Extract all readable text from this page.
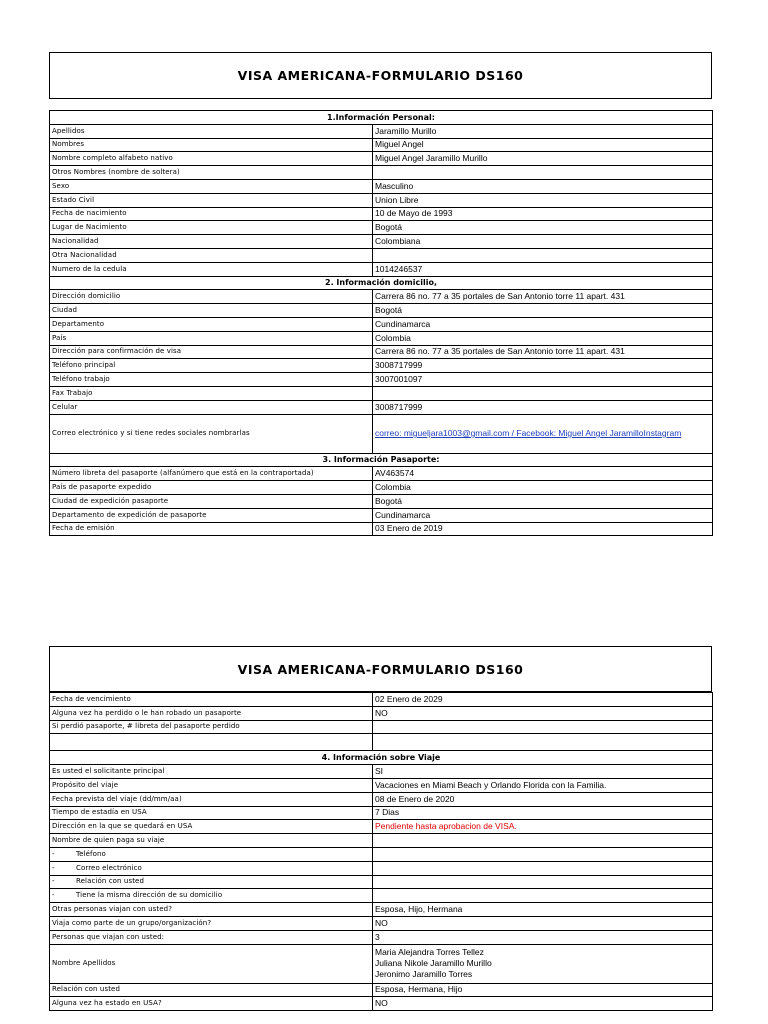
VISA AMERICANA-FORMULARIO DS160
1.Información Personal:	
Apellidos	Jaramillo Murillo
Nombres	Miguel Angel
Nombre completo alfabeto nativo	Miguel Angel Jaramillo Murillo
Otros Nombres (nombre de soltera)	
Sexo	Masculino
Estado Civil	Union Libre
Fecha de nacimiento	10 de Mayo de 1993
Lugar de Nacimiento	Bogotá
Nacionalidad	Colombiana
Otra Nacionalidad	
Numero de la cedula	1014246537
2. Información domicilio,	
Dirección domicilio	Carrera 86 no. 77 a 35 portales de San Antonio torre 11 apart. 431
Ciudad	Bogotá
Departamento	Cundinamarca
País	Colombia
Dirección para confirmación de visa	Carrera 86 no. 77 a 35 portales de San Antonio torre 11 apart. 431
Teléfono principal	3008717999
Teléfono trabajo	3007001097
Fax Trabajo	
Celular	3008717999
Correo electrónico y si tiene redes sociales nombrarlas	correo: migueljara1003@gmail.com / Facebook: Miguel Angel JaramilloInstagram
3. Información Pasaporte:	
Número libreta del pasaporte (alfanúmero que está en la contraportada)	AV463574
País de pasaporte expedido	Colombia
Ciudad de expedición pasaporte	Bogotá
Departamento de expedición de pasaporte	Cundinamarca
Fecha de emisión	03 Enero de 2019
VISA AMERICANA-FORMULARIO DS160
Fecha de vencimiento	02 Enero de 2029
Alguna vez ha perdido o le han robado un pasaporte	NO
Si perdió pasaporte, # libreta del pasaporte perdido	

4. Información sobre Viaje	
Es usted el solicitante principal	SI
Propósito del viaje	Vacaciones en Miami Beach y Orlando Florida con la Familia.
Fecha prevista del viaje (dd/mm/aa)	08 de Enero de 2020
Tiempo de estadía en USA	7 Dias
Dirección en la que se quedará en USA	Pendiente hasta aprobacion de VISA.
Nombre de quien paga su viaje	
- Teléfono	
- Correo electrónico	
- Relación con usted	
- Tiene la misma dirección de su domicilio	
Otras personas viajan con usted?	Esposa, Hijo, Hermana
Viaja como parte de un grupo/organización?	NO
Personas que viajan con usted:	3
Nombre Apellidos	Maria Alejandra Torres Tellez
Juliana Nikole Jaramillo Murillo
Jeronimo Jaramillo Torres

Relación con usted	Esposa, Hermana, Hijo
Alguna vez ha estado en USA?	NO
